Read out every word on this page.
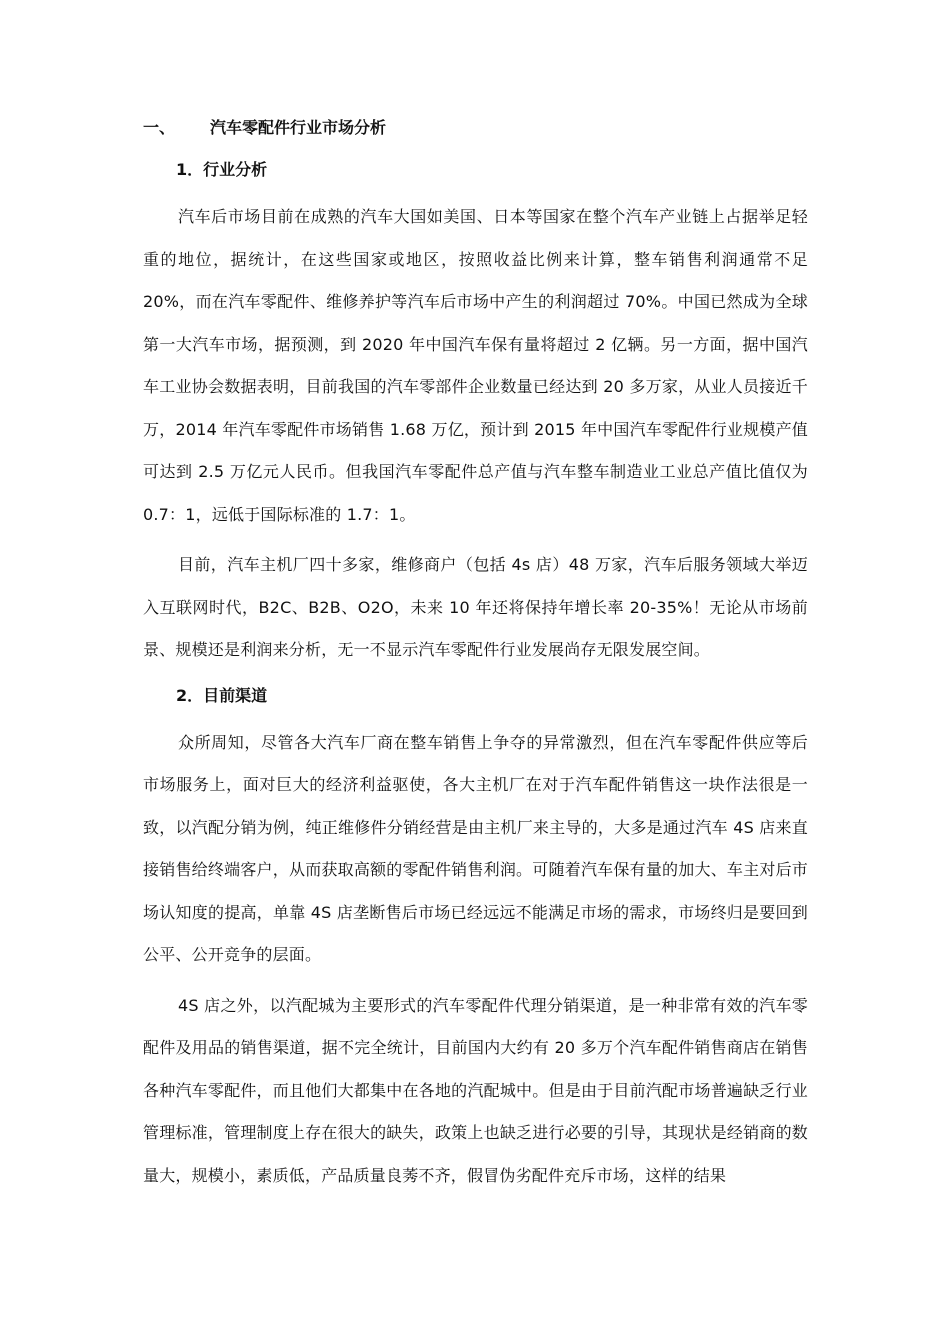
一、	汽车零配件行业市场分析
1．行业分析

汽车后市场目前在成熟的汽车大国如美国、日本等国家在整个汽车产业链上占据举足轻重的地位，据统计，在这些国家或地区，按照收益比例来计算，整车销售利润通常不足20%，而在汽车零配件、维修养护等汽车后市场中产生的利润超过 70%。中国已然成为全球第一大汽车市场，据预测，到 2020 年中国汽车保有量将超过 2 亿辆。另一方面，据中国汽车工业协会数据表明，目前我国的汽车零部件企业数量已经达到 20 多万家，从业人员接近千万，2014 年汽车零配件市场销售 1.68 万亿，预计到 2015 年中国汽车零配件行业规模产值可达到 2.5 万亿元人民币。但我国汽车零配件总产值与汽车整车制造业工业总产值比值仅为 0.7：1，远低于国际标准的 1.7：1。

目前，汽车主机厂四十多家，维修商户（包括 4s 店）48 万家，汽车后服务领域大举迈入互联网时代，B2C、B2B、O2O，未来 10 年还将保持年增长率 20-35%！无论从市场前景、规模还是利润来分析，无一不显示汽车零配件行业发展尚存无限发展空间。

2．目前渠道

众所周知，尽管各大汽车厂商在整车销售上争夺的异常激烈，但在汽车零配件供应等后市场服务上，面对巨大的经济利益驱使，各大主机厂在对于汽车配件销售这一块作法很是一致，以汽配分销为例，纯正维修件分销经营是由主机厂来主导的，大多是通过汽车 4S 店来直接销售给终端客户，从而获取高额的零配件销售利润。可随着汽车保有量的加大、车主对后市场认知度的提高，单靠 4S 店垄断售后市场已经远远不能满足市场的需求，市场终归是要回到公平、公开竞争的层面。

4S 店之外，以汽配城为主要形式的汽车零配件代理分销渠道，是一种非常有效的汽车零配件及用品的销售渠道，据不完全统计，目前国内大约有 20 多万个汽车配件销售商店在销售各种汽车零配件，而且他们大都集中在各地的汽配城中。但是由于目前汽配市场普遍缺乏行业管理标准，管理制度上存在很大的缺失，政策上也缺乏进行必要的引导，其现状是经销商的数量大，规模小，素质低，产品质量良莠不齐，假冒伪劣配件充斥市场，这样的结果
